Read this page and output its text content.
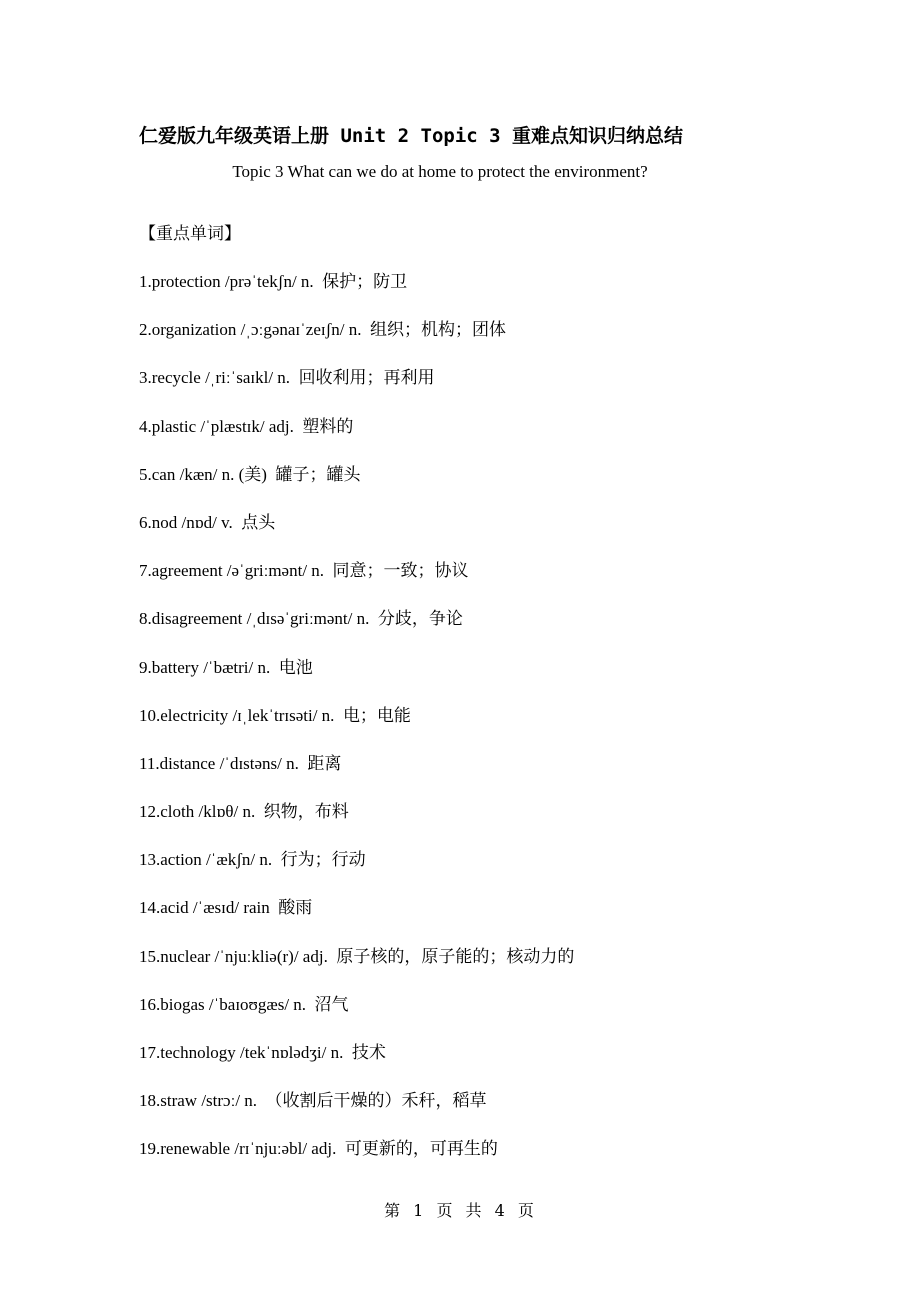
仁爱版九年级英语上册 Unit 2 Topic 3 重难点知识归纳总结
Topic 3 What can we do at home to protect the environment?
【重点单词】
1.protection /prəˈtekʃn/ n.  保护；防卫
2.organization /ˌɔːgənaɪˈzeɪʃn/ n.  组织；机构；团体
3.recycle /ˌriːˈsaɪkl/ n.  回收利用；再利用
4.plastic /ˈplæstɪk/ adj.  塑料的
5.can /kæn/ n. (美)  罐子；罐头
6.nod /nɒd/ v.  点头
7.agreement /əˈgriːmənt/ n.  同意；一致；协议
8.disagreement /ˌdɪsəˈgriːmənt/ n.  分歧，争论
9.battery /ˈbætri/ n.  电池
10.electricity /ɪˌlekˈtrɪsəti/ n.  电；电能
11.distance /ˈdɪstəns/ n.  距离
12.cloth /klɒθ/ n.  织物，布料
13.action /ˈækʃn/ n.  行为；行动
14.acid /ˈæsɪd/ rain  酸雨
15.nuclear /ˈnjuːkliə(r)/ adj.  原子核的，原子能的；核动力的
16.biogas /ˈbaɪoʊgæs/ n.  沼气
17.technology /tekˈnɒlədʒi/ n.  技术
18.straw /strɔː/ n.  （收割后干燥的）禾秆，稻草
19.renewable /rɪˈnjuːəbl/ adj.  可更新的，可再生的
第 1 页 共 4 页
